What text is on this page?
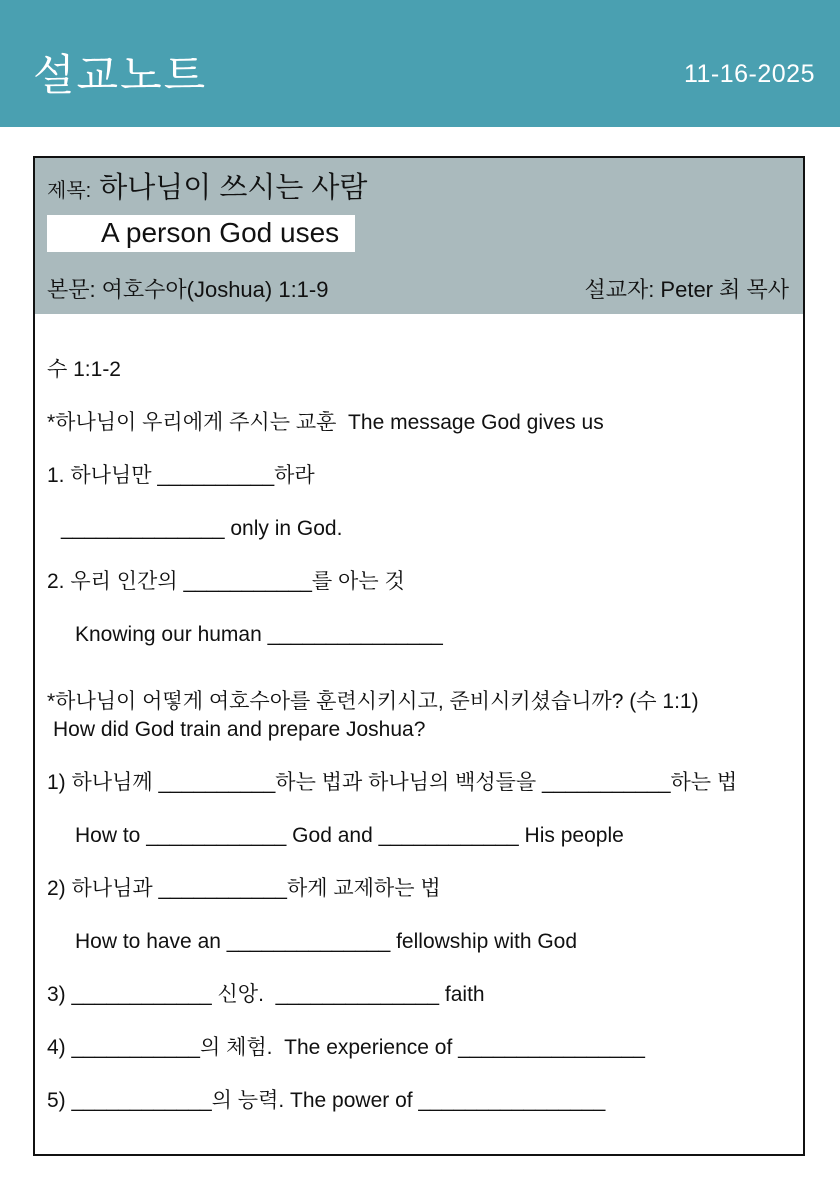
설교노트	11-16-2025
제목: 하나님이 쓰시는 사람
A person God uses
본문: 여호수아(Joshua) 1:1-9	설교자: Peter 최 목사
수 1:1-2
*하나님이 우리에게 주시는 교훈  The message God gives us
1. 하나님만 __________하라
______________ only in God.
2. 우리 인간의 ___________를 아는 것
Knowing our human _______________
*하나님이 어떻게 여호수아를 훈련시키시고, 준비시키셨습니까? (수 1:1)
How did God train and prepare Joshua?
1) 하나님께 __________하는 법과 하나님의 백성들을 ___________하는 법
How to ____________ God and ____________ His people
2) 하나님과 ___________하게 교제하는 법
How to have an ______________ fellowship with God
3) ____________ 신앙.  ______________ faith
4) ___________의 체험.  The experience of ________________
5) ____________의 능력. The power of ________________
